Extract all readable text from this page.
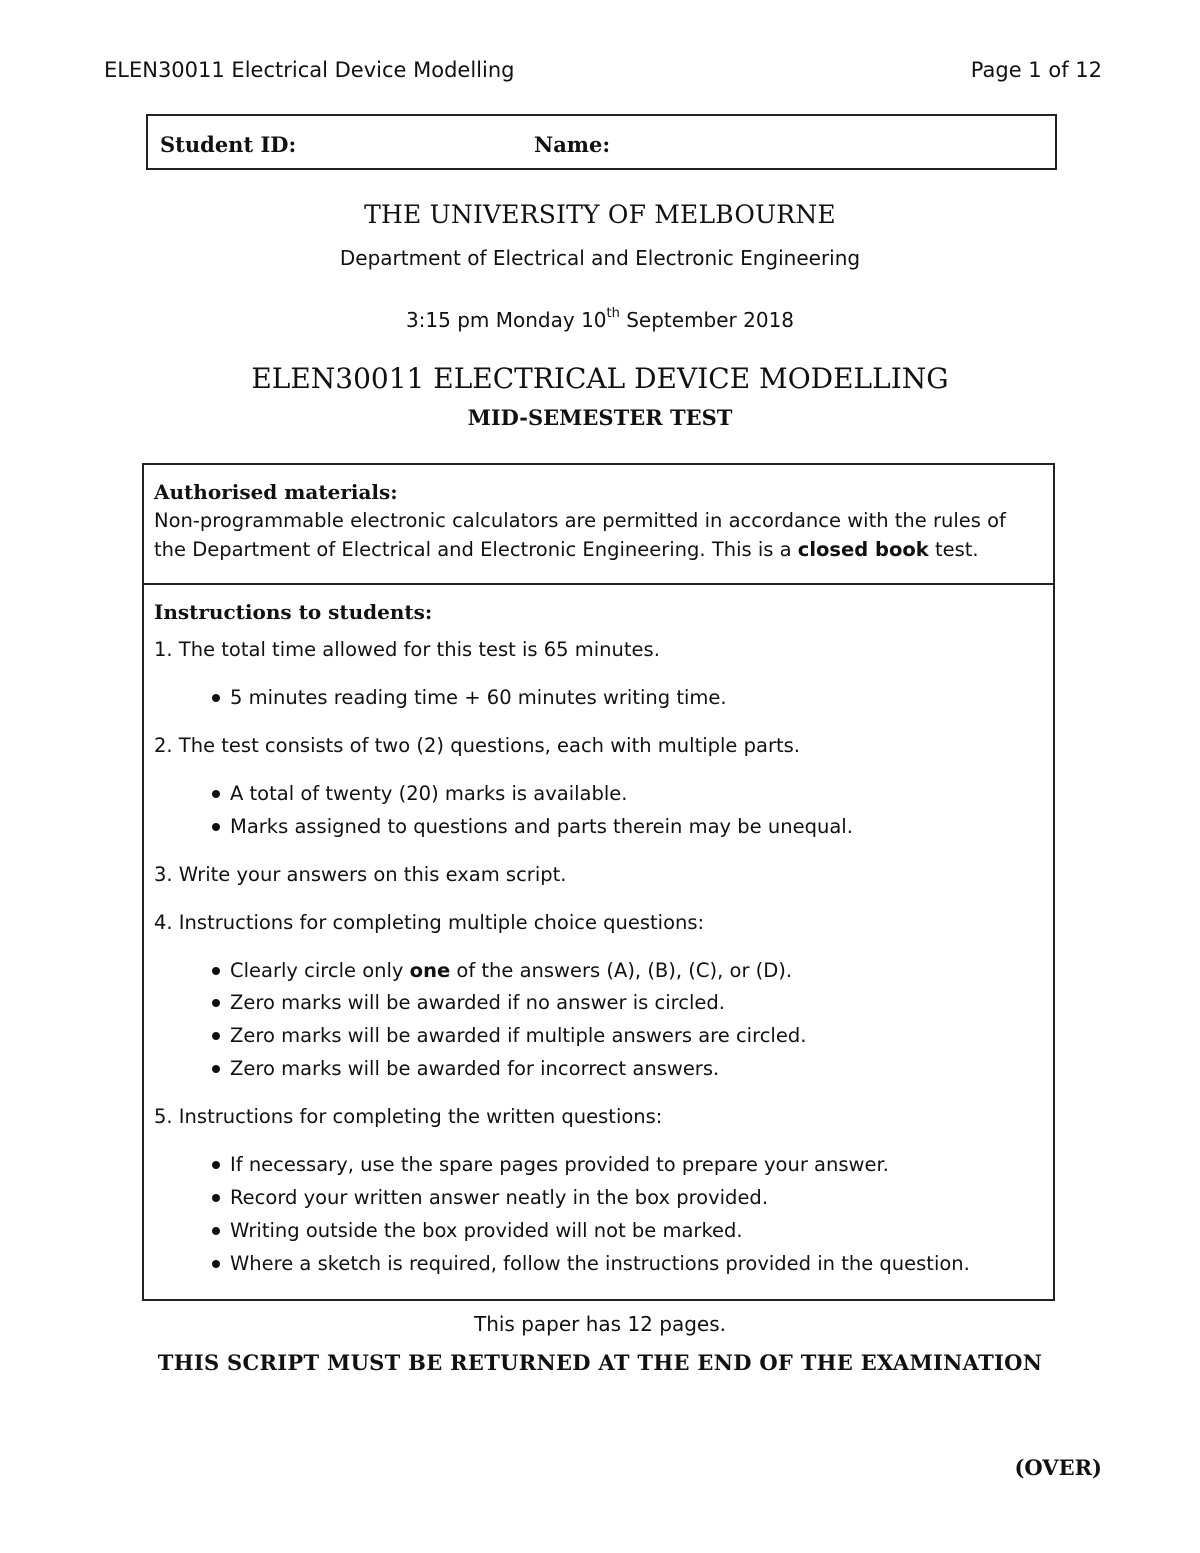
ELEN30011 Electrical Device Modelling	Page 1 of 12
Student ID:	Name:
THE UNIVERSITY OF MELBOURNE
Department of Electrical and Electronic Engineering
3:15 pm Monday 10th September 2018
ELEN30011 ELECTRICAL DEVICE MODELLING
MID-SEMESTER TEST
Authorised materials:
Non-programmable electronic calculators are permitted in accordance with the rules of
the Department of Electrical and Electronic Engineering. This is a closed book test.
Instructions to students:
1. The total time allowed for this test is 65 minutes.
5 minutes reading time + 60 minutes writing time.
2. The test consists of two (2) questions, each with multiple parts.
A total of twenty (20) marks is available.
Marks assigned to questions and parts therein may be unequal.
3. Write your answers on this exam script.
4. Instructions for completing multiple choice questions:
Clearly circle only one of the answers (A), (B), (C), or (D).
Zero marks will be awarded if no answer is circled.
Zero marks will be awarded if multiple answers are circled.
Zero marks will be awarded for incorrect answers.
5. Instructions for completing the written questions:
If necessary, use the spare pages provided to prepare your answer.
Record your written answer neatly in the box provided.
Writing outside the box provided will not be marked.
Where a sketch is required, follow the instructions provided in the question.
This paper has 12 pages.
THIS SCRIPT MUST BE RETURNED AT THE END OF THE EXAMINATION
(OVER)
